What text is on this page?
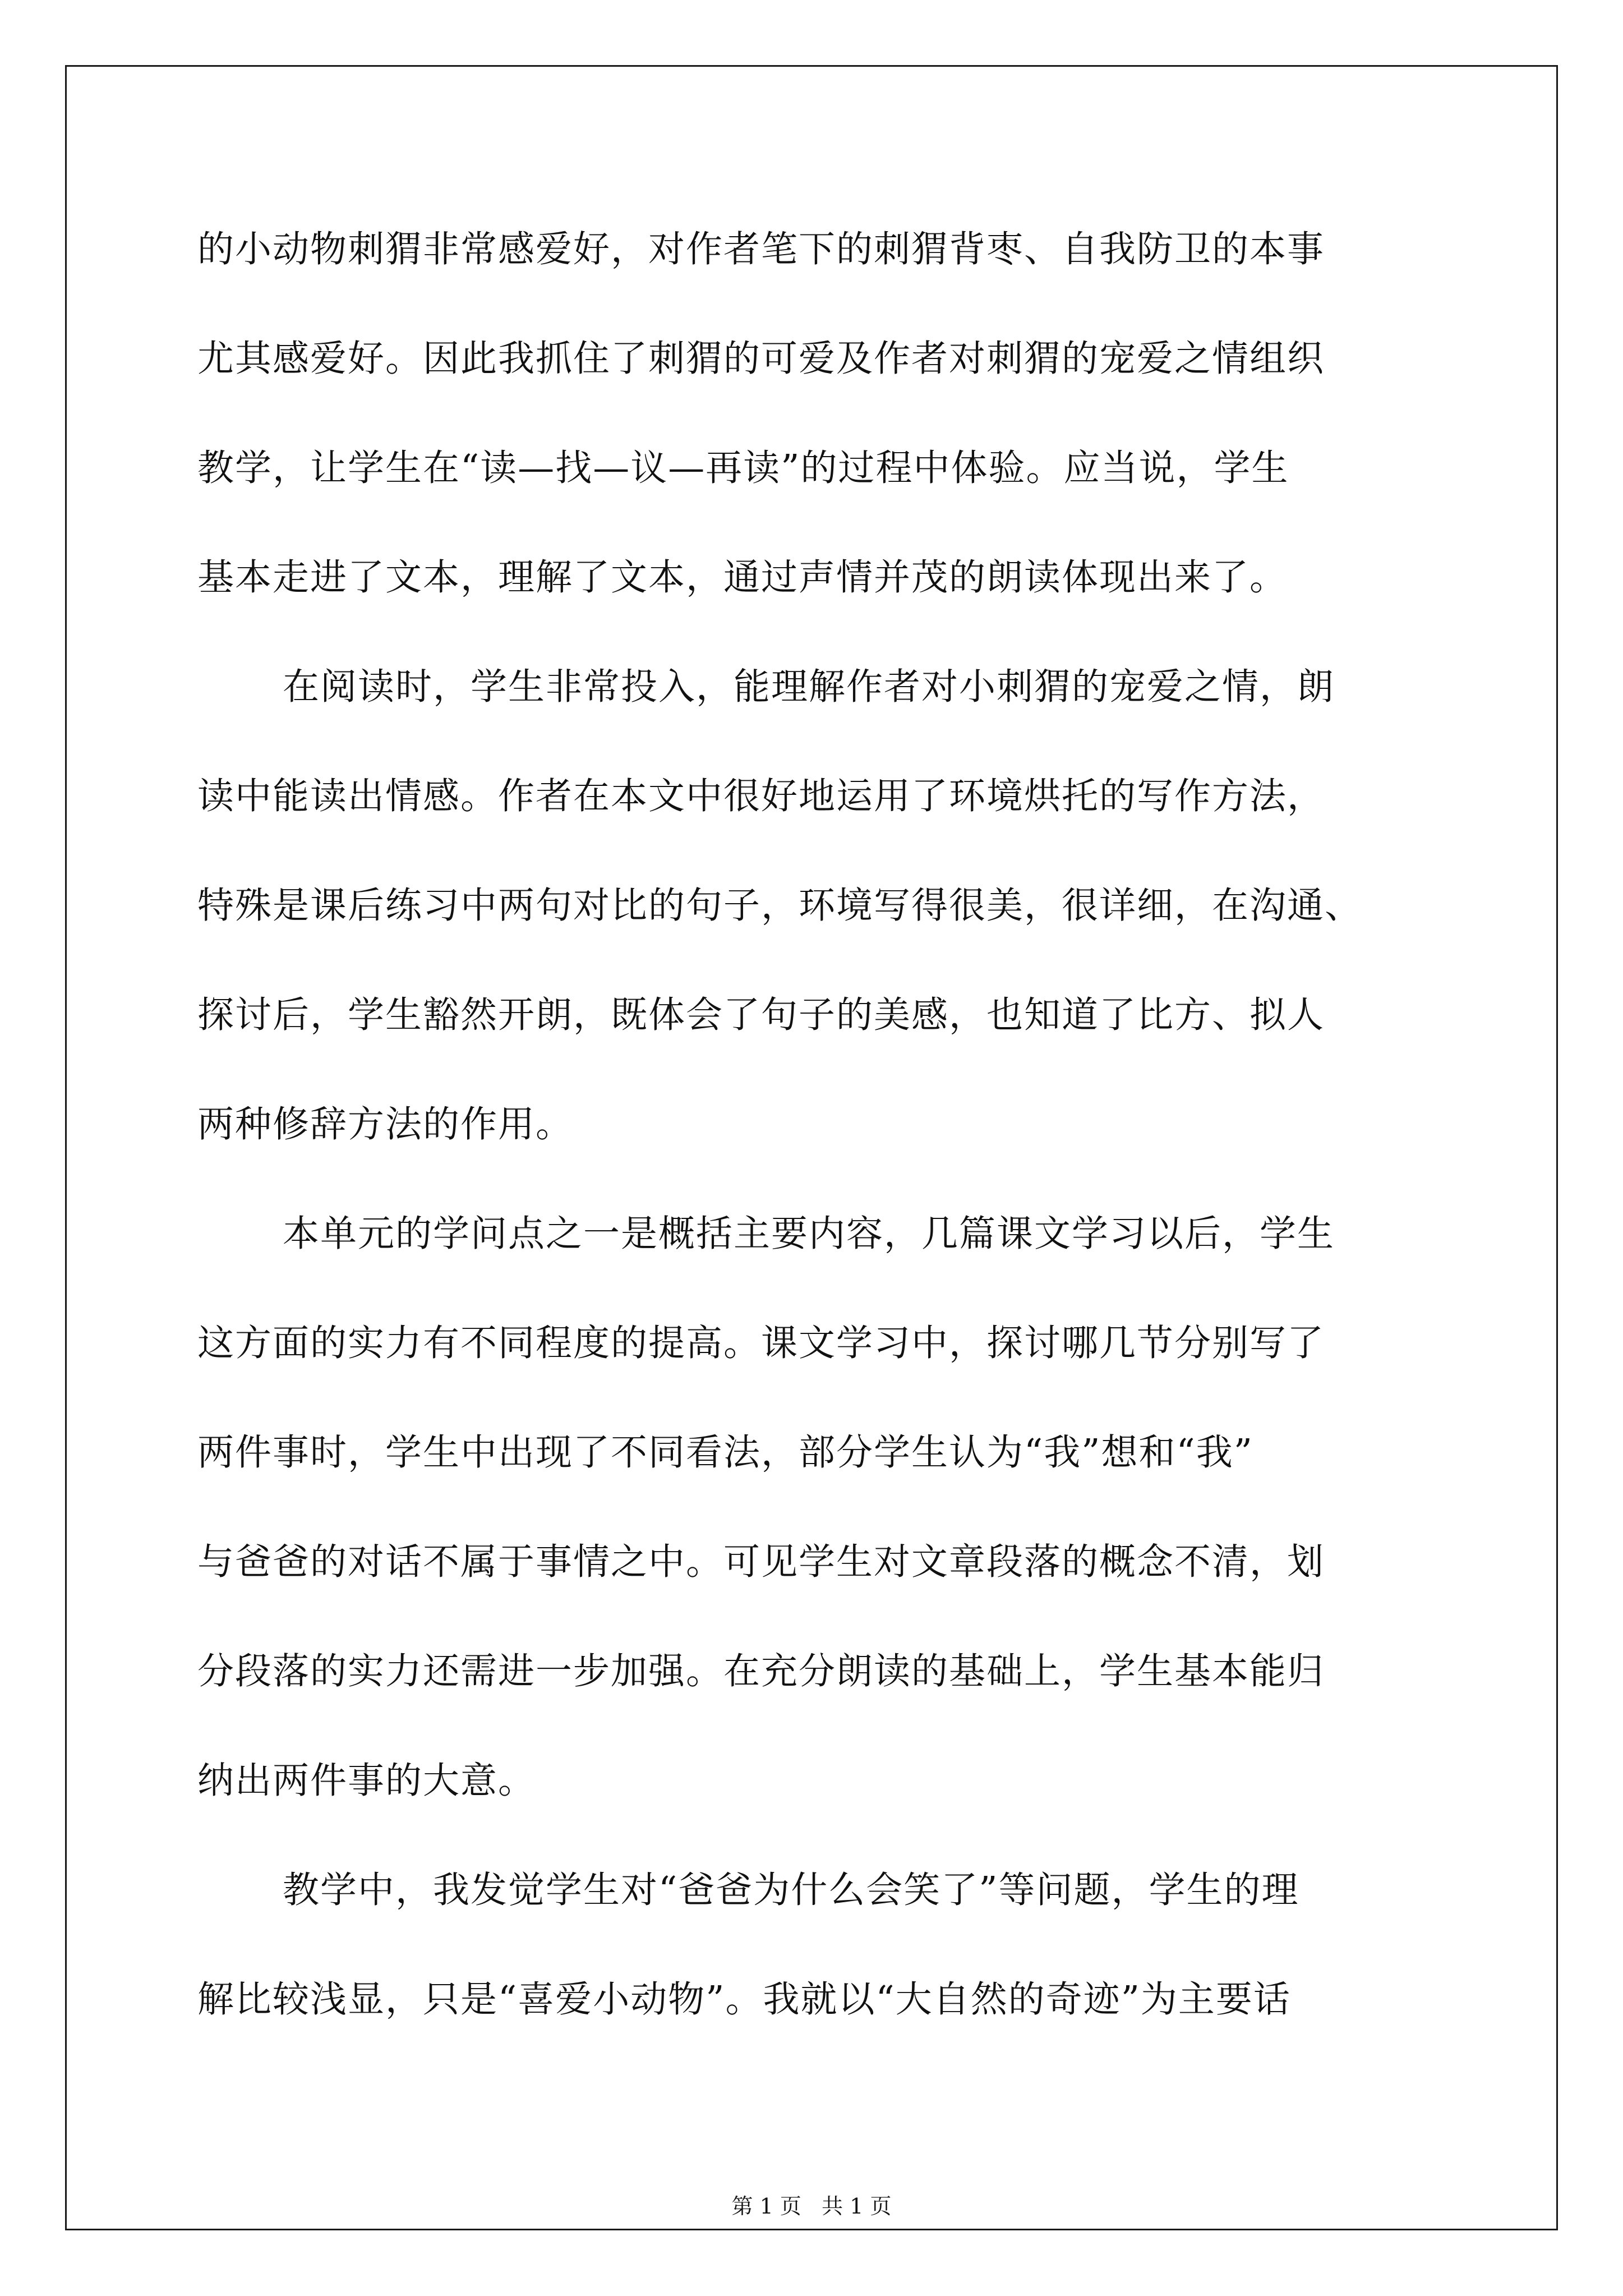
的小动物刺猬非常感爱好，对作者笔下的刺猬背枣、自我防卫的本事
尤其感爱好。因此我抓住了刺猬的可爱及作者对刺猬的宠爱之情组织
教学，让学生在“读—找—议—再读”的过程中体验。应当说，学生
基本走进了文本，理解了文本，通过声情并茂的朗读体现出来了。
在阅读时，学生非常投入，能理解作者对小刺猬的宠爱之情，朗
读中能读出情感。作者在本文中很好地运用了环境烘托的写作方法，
特殊是课后练习中两句对比的句子，环境写得很美，很详细，在沟通、
探讨后，学生豁然开朗，既体会了句子的美感，也知道了比方、拟人
两种修辞方法的作用。
本单元的学问点之一是概括主要内容，几篇课文学习以后，学生
这方面的实力有不同程度的提高。课文学习中，探讨哪几节分别写了
两件事时，学生中出现了不同看法，部分学生认为“我”想和“我”
与爸爸的对话不属于事情之中。可见学生对文章段落的概念不清，划
分段落的实力还需进一步加强。在充分朗读的基础上，学生基本能归
纳出两件事的大意。
教学中，我发觉学生对“爸爸为什么会笑了”等问题，学生的理
解比较浅显，只是“喜爱小动物”。我就以“大自然的奇迹”为主要话
第 1 页   共 1 页
